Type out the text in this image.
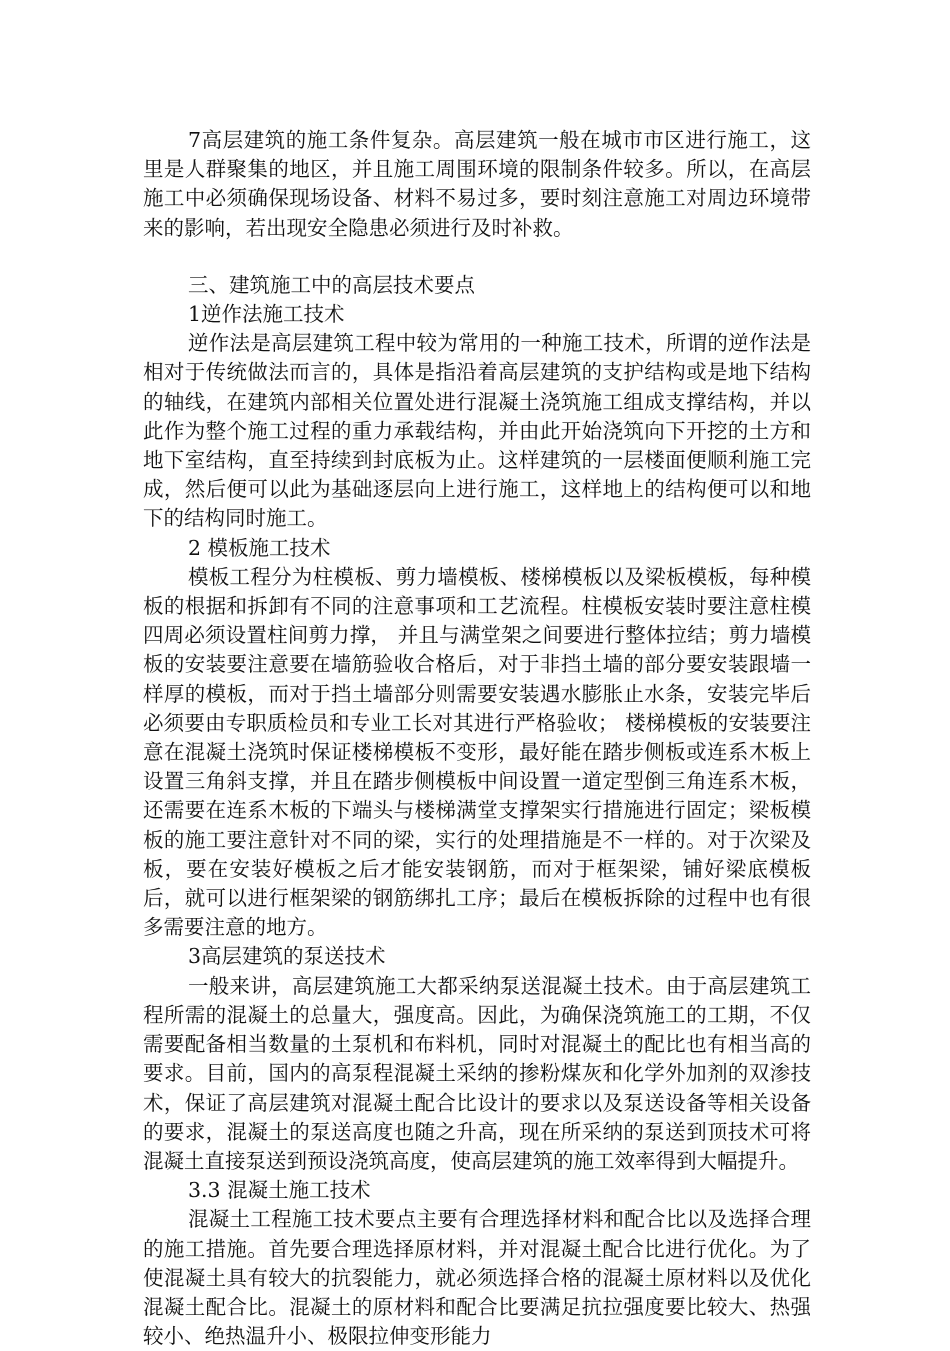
7高层建筑的施工条件复杂。高层建筑一般在城市市区进行施工，这里是人群聚集的地区，并且施工周围环境的限制条件较多。所以，在高层施工中必须确保现场设备、材料不易过多，要时刻注意施工对周边环境带来的影响，若出现安全隐患必须进行及时补救。

三、建筑施工中的高层技术要点

1逆作法施工技术

逆作法是高层建筑工程中较为常用的一种施工技术，所谓的逆作法是相对于传统做法而言的，具体是指沿着高层建筑的支护结构或是地下结构的轴线，在建筑内部相关位置处进行混凝土浇筑施工组成支撑结构，并以此作为整个施工过程的重力承载结构，并由此开始浇筑向下开挖的土方和地下室结构，直至持续到封底板为止。这样建筑的一层楼面便顺利施工完成，然后便可以此为基础逐层向上进行施工，这样地上的结构便可以和地下的结构同时施工。

2 模板施工技术

模板工程分为柱模板、剪力墙模板、楼梯模板以及梁板模板，每种模板的根据和拆卸有不同的注意事项和工艺流程。柱模板安装时要注意柱模四周必须设置柱间剪力撑， 并且与满堂架之间要进行整体拉结；剪力墙模板的安装要注意要在墙筋验收合格后，对于非挡土墙的部分要安装跟墙一样厚的模板，而对于挡土墙部分则需要安装遇水膨胀止水条，安装完毕后必须要由专职质检员和专业工长对其进行严格验收； 楼梯模板的安装要注意在混凝土浇筑时保证楼梯模板不变形，最好能在踏步侧板或连系木板上设置三角斜支撑，并且在踏步侧模板中间设置一道定型倒三角连系木板，还需要在连系木板的下端头与楼梯满堂支撑架实行措施进行固定；梁板模板的施工要注意针对不同的梁，实行的处理措施是不一样的。对于次梁及板，要在安装好模板之后才能安装钢筋，而对于框架梁，铺好梁底模板后，就可以进行框架梁的钢筋绑扎工序；最后在模板拆除的过程中也有很多需要注意的地方。

3高层建筑的泵送技术

一般来讲，高层建筑施工大都采纳泵送混凝土技术。由于高层建筑工程所需的混凝土的总量大，强度高。因此，为确保浇筑施工的工期，不仅需要配备相当数量的土泵机和布料机，同时对混凝土的配比也有相当高的要求。目前，国内的高泵程混凝土采纳的掺粉煤灰和化学外加剂的双渗技术，保证了高层建筑对混凝土配合比设计的要求以及泵送设备等相关设备的要求，混凝土的泵送高度也随之升高，现在所采纳的泵送到顶技术可将混凝土直接泵送到预设浇筑高度，使高层建筑的施工效率得到大幅提升。

3.3 混凝土施工技术

混凝土工程施工技术要点主要有合理选择材料和配合比以及选择合理的施工措施。首先要合理选择原材料，并对混凝土配合比进行优化。为了使混凝土具有较大的抗裂能力，就必须选择合格的混凝土原材料以及优化混凝土配合比。混凝土的原材料和配合比要满足抗拉强度要比较大、热强较小、绝热温升小、极限拉伸变形能力
